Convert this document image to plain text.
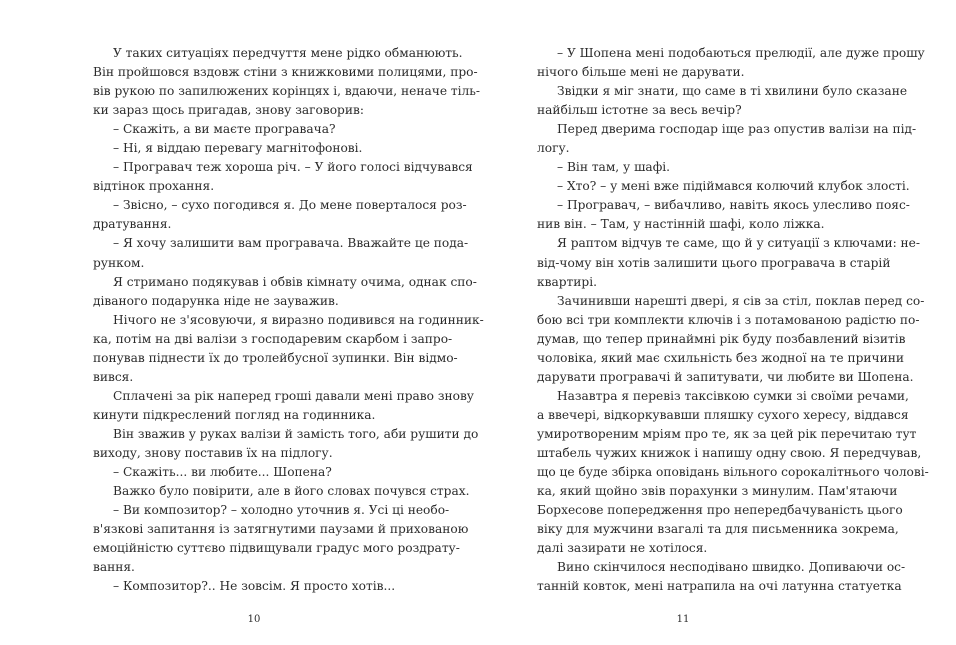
У таких ситуаціях передчуття мене рідко обманюють.
Він пройшовся вздовж стіни з книжковими полицями, про-
вів рукою по запилюжених корінцях і, вдаючи, неначе тіль-
ки зараз щось пригадав, знову заговорив:
– Скажіть, а ви маєте програвача?
– Ні, я віддаю перевагу магнітофонові.
– Програвач теж хороша річ. – У його голосі відчувався
відтінок прохання.
– Звісно, – сухо погодився я. До мене поверталося роз-
дратування.
– Я хочу залишити вам програвача. Вважайте це пода-
рунком.
Я стримано подякував і обвів кімнату очима, однак спо-
діваного подарунка ніде не зауважив.
Нічого не з'ясовуючи, я виразно подивився на годинник-
ка, потім на дві валізи з господаревим скарбом і запро-
понував піднести їх до тролейбусної зупинки. Він відмо-
вився.
Сплачені за рік наперед гроші давали мені право знову
кинути підкреслений погляд на годинника.
Він зважив у руках валізи й замість того, аби рушити до
виходу, знову поставив їх на підлогу.
– Скажіть... ви любите... Шопена?
Важко було повірити, але в його словах почувся страх.
– Ви композитор? – холодно уточнив я. Усі ці необо-
в'язкові запитання із затягнутими паузами й прихованою
емоційністю суттєво підвищували градус мого роздрату-
вання.
– Композитор?.. Не зовсім. Я просто хотів...
– У Шопена мені подобаються прелюдії, але дуже прошу
нічого більше мені не дарувати.
Звідки я міг знати, що саме в ті хвилини було сказане
найбільш істотне за весь вечір?
Перед дверима господар іще раз опустив валізи на під-
логу.
– Він там, у шафі.
– Хто? – у мені вже підіймався колючий клубок злості.
– Програвач, – вибачливо, навіть якось улесливо пояс-
нив він. – Там, у настінній шафі, коло ліжка.
Я раптом відчув те саме, що й у ситуації з ключами: не-
від-чому він хотів залишити цього програвача в старій
квартирі.
Зачинивши нарешті двері, я сів за стіл, поклав перед со-
бою всі три комплекти ключів і з потамованою радістю по-
думав, що тепер принаймні рік буду позбавлений візитів
чоловіка, який має схильність без жодної на те причини
дарувати програвачі й запитувати, чи любите ви Шопена.
Назавтра я перевіз таксівкою сумки зі своїми речами,
а ввечері, відкоркувавши пляшку сухого хересу, віддався
умиротвореним мріям про те, як за цей рік перечитаю тут
штабель чужих книжок і напишу одну свою. Я передчував,
що це буде збірка оповідань вільного сорокалітнього чолові-
ка, який щойно звів порахунки з минулим. Пам'ятаючи
Борхесове попередження про непередбачуваність цього
віку для мужчини взагалі та для письменника зокрема,
далі зазирати не хотілося.
Вино скінчилося несподівано швидко. Допиваючи ос-
танній ковток, мені натрапила на очі латунна статуетка
10	11
